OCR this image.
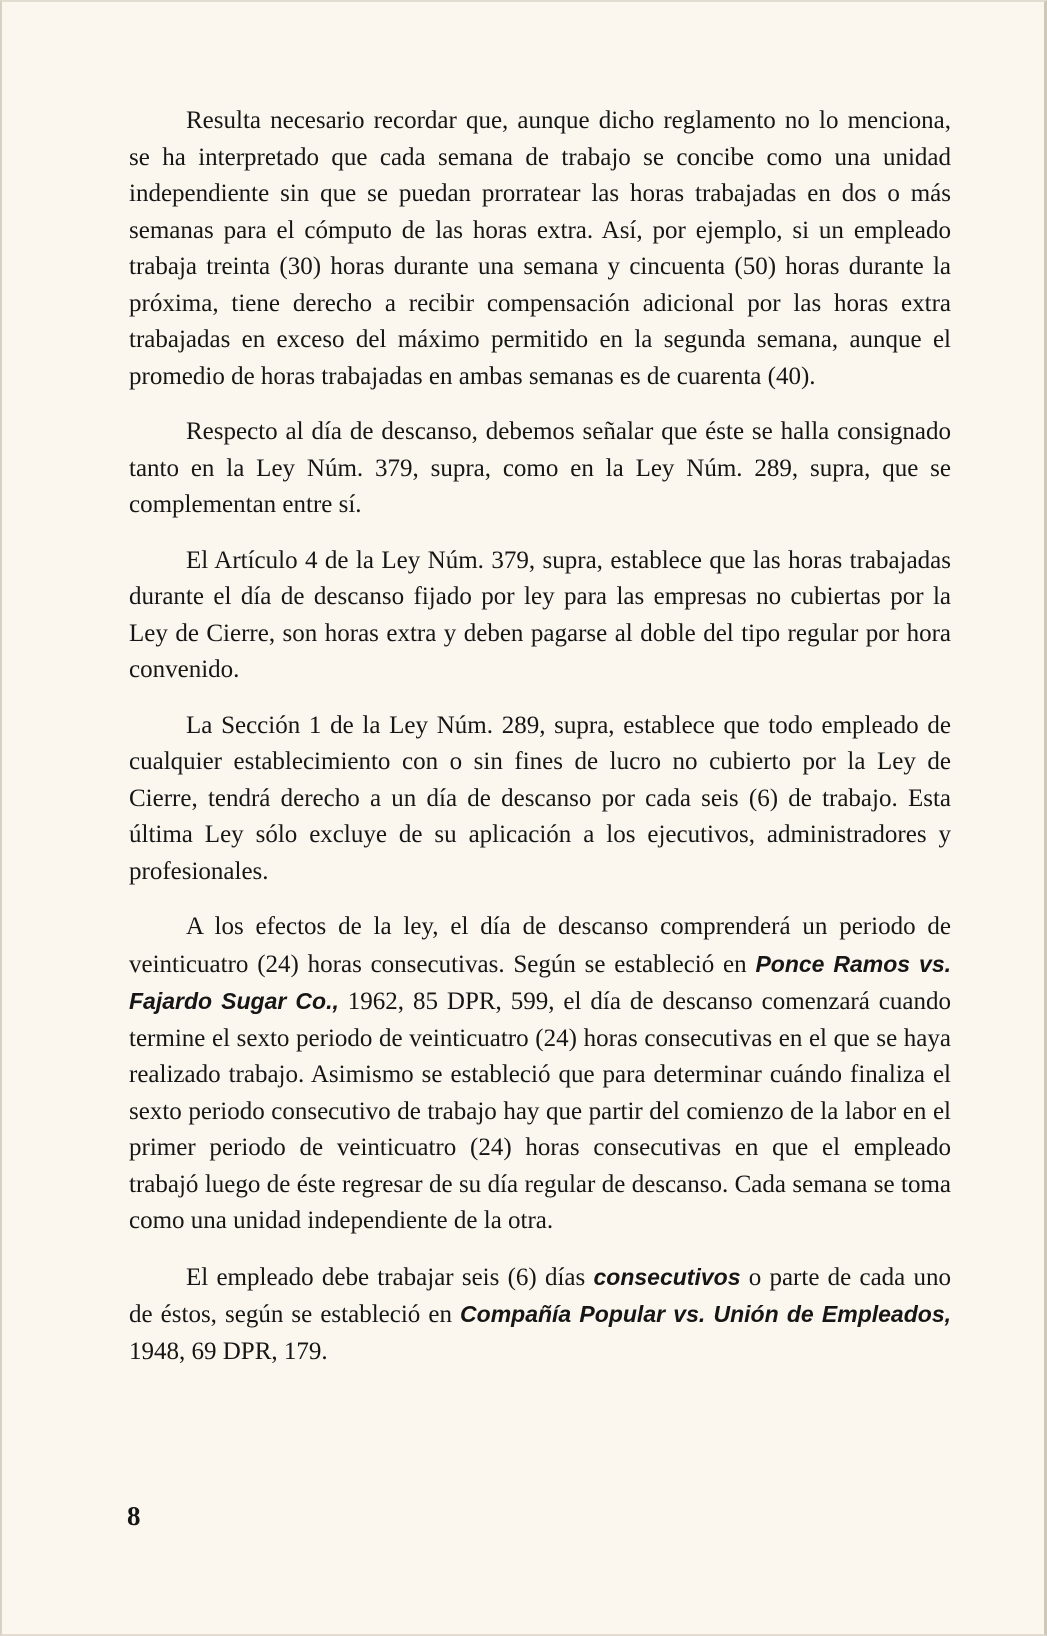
Resulta necesario recordar que, aunque dicho reglamento no lo menciona, se ha interpretado que cada semana de trabajo se concibe como una unidad independiente sin que se puedan prorratear las horas trabajadas en dos o más semanas para el cómputo de las horas extra. Así, por ejemplo, si un empleado trabaja treinta (30) horas durante una semana y cincuenta (50) horas durante la próxima, tiene derecho a recibir compensación adicional por las horas extra trabajadas en exceso del máximo permitido en la segunda semana, aunque el promedio de horas trabajadas en ambas semanas es de cuarenta (40).

Respecto al día de descanso, debemos señalar que éste se halla consignado tanto en la Ley Núm. 379, supra, como en la Ley Núm. 289, supra, que se complementan entre sí.

El Artículo 4 de la Ley Núm. 379, supra, establece que las horas trabajadas durante el día de descanso fijado por ley para las empresas no cubiertas por la Ley de Cierre, son horas extra y deben pagarse al doble del tipo regular por hora convenido.

La Sección 1 de la Ley Núm. 289, supra, establece que todo empleado de cualquier establecimiento con o sin fines de lucro no cubierto por la Ley de Cierre, tendrá derecho a un día de descanso por cada seis (6) de trabajo. Esta última Ley sólo excluye de su aplicación a los ejecutivos, administradores y profesionales.

A los efectos de la ley, el día de descanso comprenderá un periodo de veinticuatro (24) horas consecutivas. Según se estableció en Ponce Ramos vs. Fajardo Sugar Co., 1962, 85 DPR, 599, el día de descanso comenzará cuando termine el sexto periodo de veinticuatro (24) horas consecutivas en el que se haya realizado trabajo. Asimismo se estableció que para determinar cuándo finaliza el sexto periodo consecutivo de trabajo hay que partir del comienzo de la labor en el primer periodo de veinticuatro (24) horas consecutivas en que el empleado trabajó luego de éste regresar de su día regular de descanso. Cada semana se toma como una unidad independiente de la otra.

El empleado debe trabajar seis (6) días consecutivos o parte de cada uno de éstos, según se estableció en Compañía Popular vs. Unión de Empleados, 1948, 69 DPR, 179.

8
